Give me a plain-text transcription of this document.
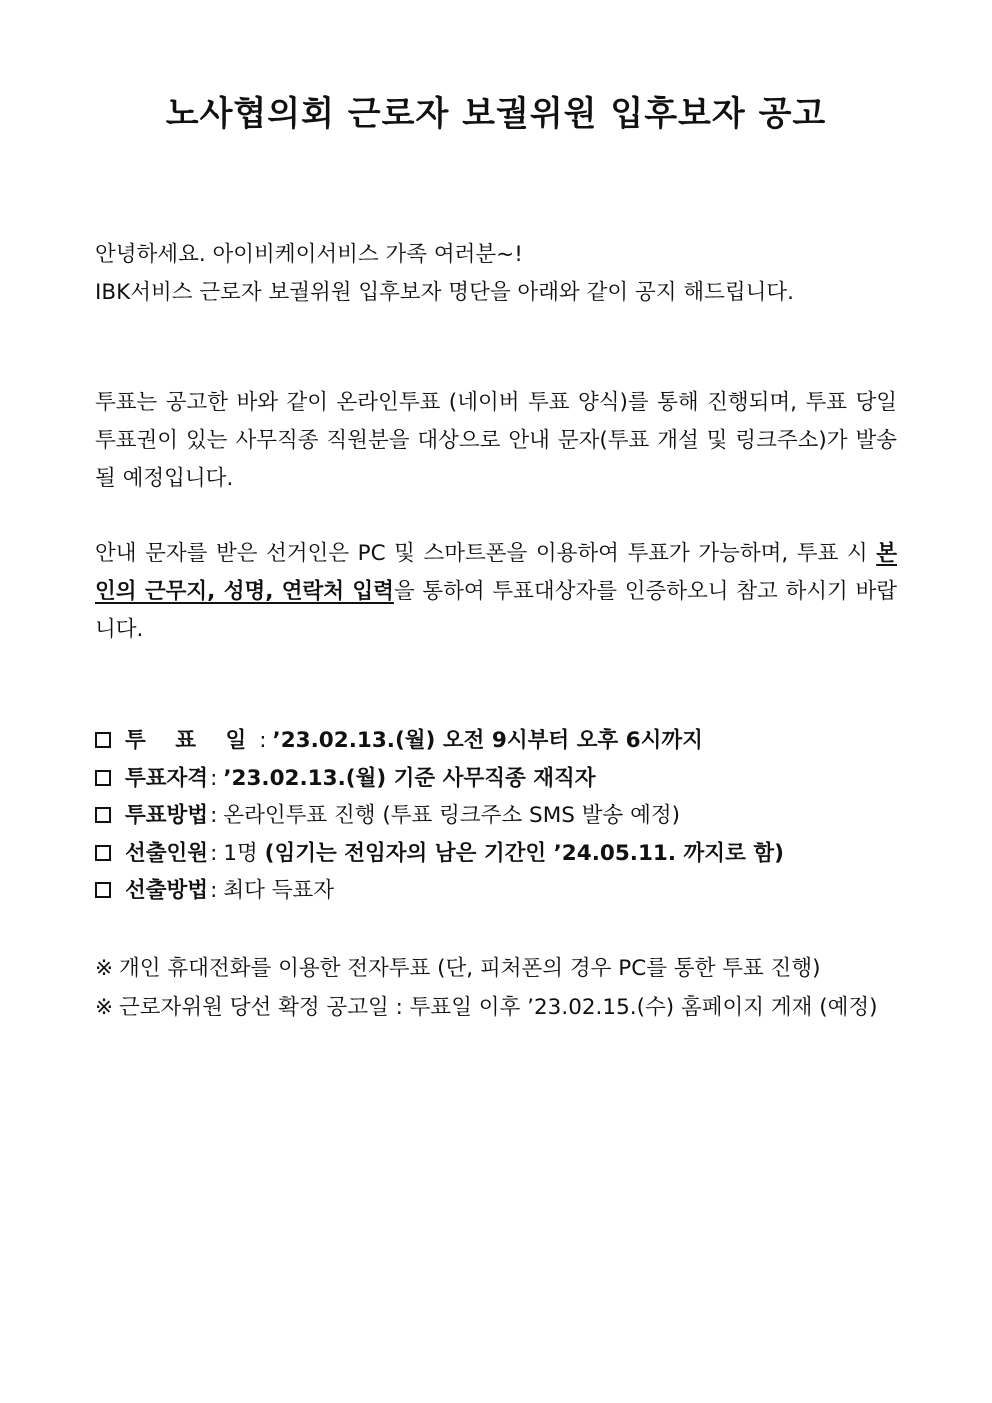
노사협의회 근로자 보궐위원 입후보자 공고

안녕하세요. 아이비케이서비스 가족 여러분~!

IBK서비스 근로자 보궐위원 입후보자 명단을 아래와 같이 공지 해드립니다.

투표는 공고한 바와 같이 온라인투표 (네이버 투표 양식)를 통해 진행되며, 투표 당일 투표권이 있는 사무직종 직원분을 대상으로 안내 문자(투표 개설 및 링크주소)가 발송될 예정입니다.

안내 문자를 받은 선거인은 PC 및 스마트폰을 이용하여 투표가 가능하며, 투표 시 본인의 근무지, 성명, 연락처 입력을 통하여 투표대상자를 인증하오니 참고 하시기 바랍니다.

투 표 일: ’23.02.13.(월) 오전 9시부터 오후 6시까지
투표자격: ’23.02.13.(월) 기준 사무직종 재직자
투표방법: 온라인투표 진행 (투표 링크주소 SMS 발송 예정)
선출인원: 1명 (임기는 전임자의 남은 기간인 ’24.05.11. 까지로 함)
선출방법: 최다 득표자

※ 개인 휴대전화를 이용한 전자투표 (단, 피처폰의 경우 PC를 통한 투표 진행)

※ 근로자위원 당선 확정 공고일 : 투표일 이후 ’23.02.15.(수) 홈페이지 게재 (예정)
